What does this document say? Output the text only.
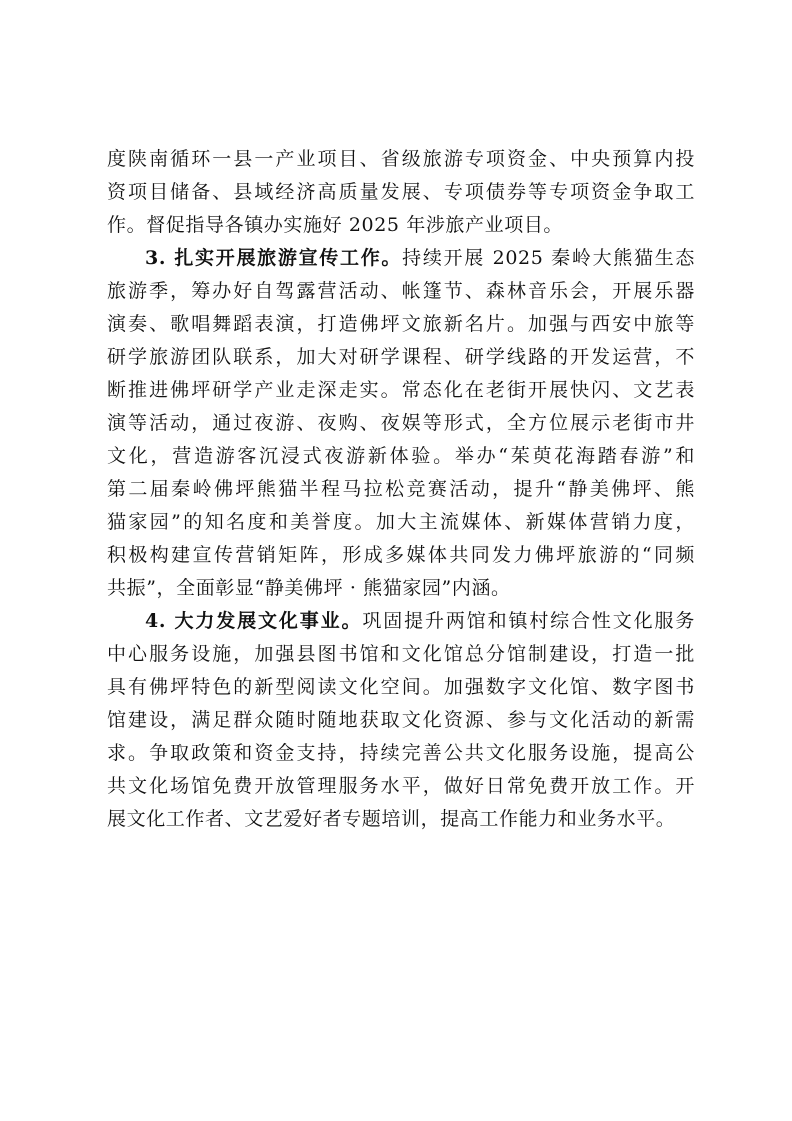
度陕南循环一县一产业项目、省级旅游专项资金、中央预算内投
资项目储备、县域经济高质量发展、专项债券等专项资金争取工
作。督促指导各镇办实施好 2025 年涉旅产业项目。
3. 扎实开展旅游宣传工作。持续开展 2025 秦岭大熊猫生态
旅游季，筹办好自驾露营活动、帐篷节、森林音乐会，开展乐器
演奏、歌唱舞蹈表演，打造佛坪文旅新名片。加强与西安中旅等
研学旅游团队联系，加大对研学课程、研学线路的开发运营，不
断推进佛坪研学产业走深走实。常态化在老街开展快闪、文艺表
演等活动，通过夜游、夜购、夜娱等形式，全方位展示老街市井
文化，营造游客沉浸式夜游新体验。举办“茱萸花海踏春游”和
第二届秦岭佛坪熊猫半程马拉松竞赛活动，提升“静美佛坪、熊
猫家园”的知名度和美誉度。加大主流媒体、新媒体营销力度，
积极构建宣传营销矩阵，形成多媒体共同发力佛坪旅游的“同频
共振”，全面彰显“静美佛坪 · 熊猫家园”内涵。
4. 大力发展文化事业。巩固提升两馆和镇村综合性文化服务
中心服务设施，加强县图书馆和文化馆总分馆制建设，打造一批
具有佛坪特色的新型阅读文化空间。加强数字文化馆、数字图书
馆建设，满足群众随时随地获取文化资源、参与文化活动的新需
求。争取政策和资金支持，持续完善公共文化服务设施，提高公
共文化场馆免费开放管理服务水平，做好日常免费开放工作。开
展文化工作者、文艺爱好者专题培训，提高工作能力和业务水平。
